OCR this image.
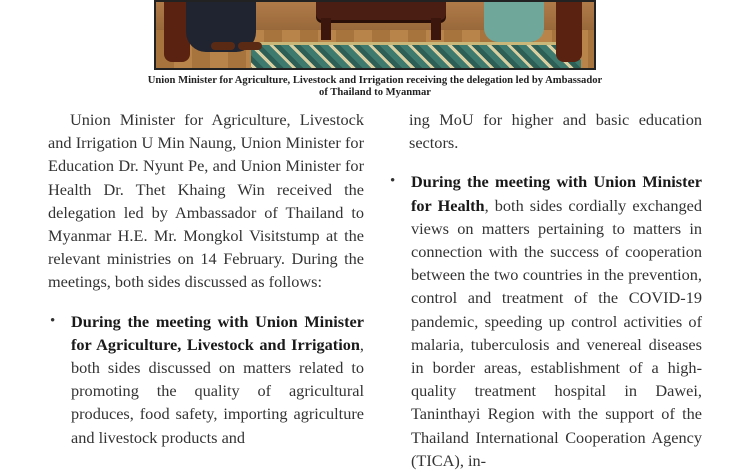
Union Minister for Agriculture, Livestock and Irrigation receiving the delegation led by Ambassador
of Thailand to Myanmar

Union Minister for Agriculture, Livestock and Irrigation U Min Naung, Union Minister for Education Dr. Nyunt Pe, and Union Minister for Health Dr. Thet Khaing Win received the delegation led by Ambassador of Thailand to Myanmar H.E. Mr. Mongkol Visitstump at the relevant ministries on 14 February. During the meetings, both sides discussed as follows:

• During the meeting with Union Minister for Agriculture, Livestock and Irrigation, both sides discussed on matters related to promoting the quality of agricultural produces, food safety, importing agriculture and livestock products and

ing MoU for higher and basic education sectors.

• During the meeting with Union Minister for Health, both sides cordially exchanged views on matters pertaining to matters in connection with the success of cooperation between the two countries in the prevention, control and treatment of the COVID-19 pandemic, speeding up control activities of malaria, tuberculosis and venereal diseases in border areas, establishment of a high-quality treatment hospital in Dawei, Taninthayi Region with the support of the Thailand International Cooperation Agency (TICA), in-
